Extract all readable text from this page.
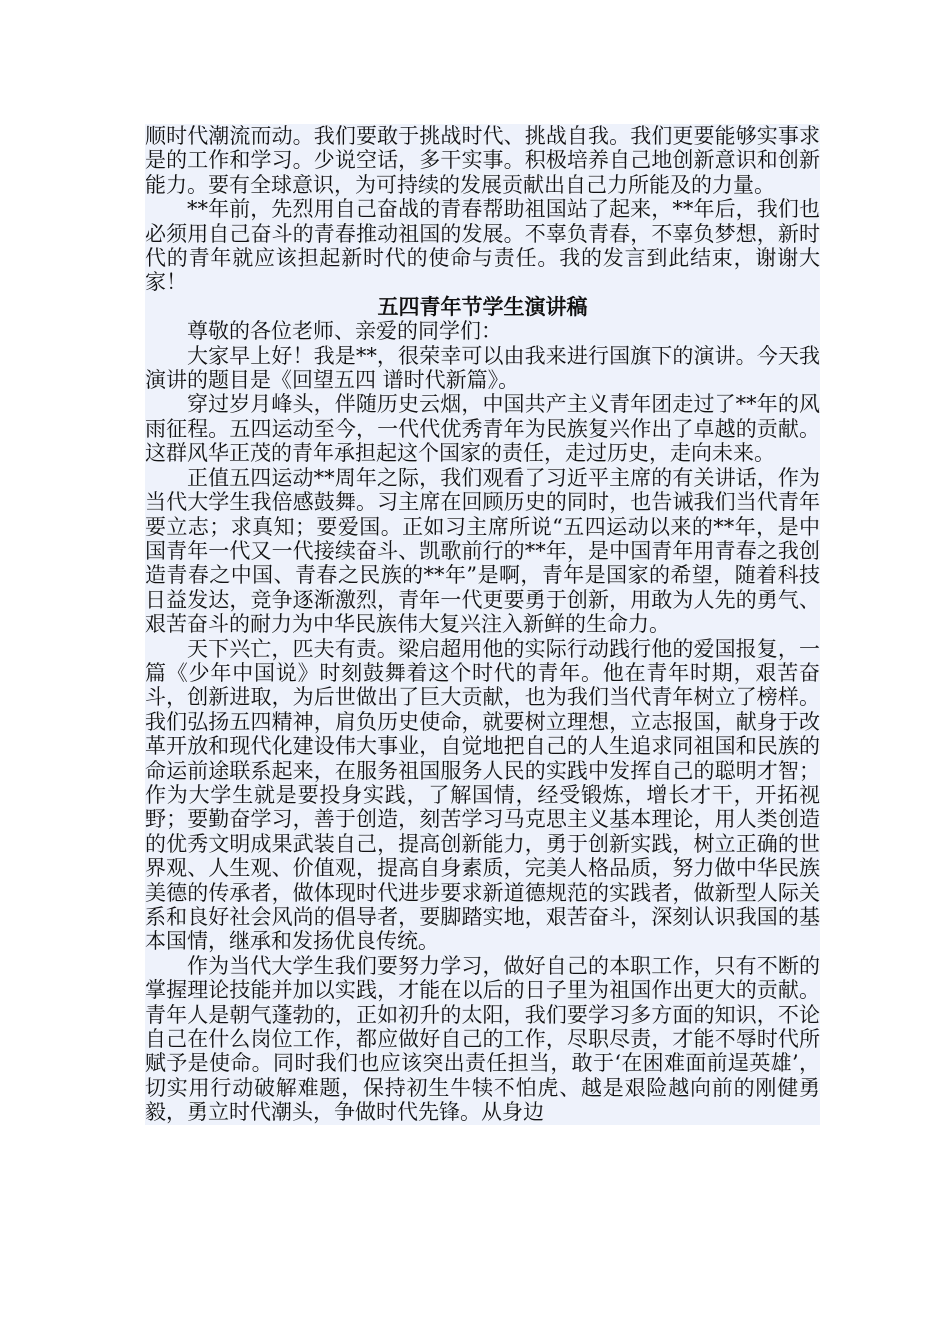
顺时代潮流而动。我们要敢于挑战时代、挑战自我。我们更要能够实事求是的工作和学习。少说空话，多干实事。积极培养自己地创新意识和创新能力。要有全球意识，为可持续的发展贡献出自己力所能及的力量。

**年前，先烈用自己奋战的青春帮助祖国站了起来，**年后，我们也必须用自己奋斗的青春推动祖国的发展。不辜负青春，不辜负梦想，新时代的青年就应该担起新时代的使命与责任。我的发言到此结束，谢谢大家！

五四青年节学生演讲稿

尊敬的各位老师、亲爱的同学们：

大家早上好！我是**，很荣幸可以由我来进行国旗下的演讲。今天我演讲的题目是《回望五四 谱时代新篇》。

穿过岁月峰头，伴随历史云烟，中国共产主义青年团走过了**年的风雨征程。五四运动至今，一代代优秀青年为民族复兴作出了卓越的贡献。这群风华正茂的青年承担起这个国家的责任，走过历史，走向未来。

正值五四运动**周年之际，我们观看了习近平主席的有关讲话，作为当代大学生我倍感鼓舞。习主席在回顾历史的同时，也告诫我们当代青年要立志；求真知；要爱国。正如习主席所说“五四运动以来的**年，是中国青年一代又一代接续奋斗、凯歌前行的**年，是中国青年用青春之我创造青春之中国、青春之民族的**年”是啊，青年是国家的希望，随着科技日益发达，竞争逐渐激烈，青年一代更要勇于创新，用敢为人先的勇气、艰苦奋斗的耐力为中华民族伟大复兴注入新鲜的生命力。

天下兴亡，匹夫有责。梁启超用他的实际行动践行他的爱国报复，一篇《少年中国说》时刻鼓舞着这个时代的青年。他在青年时期，艰苦奋斗，创新进取，为后世做出了巨大贡献，也为我们当代青年树立了榜样。我们弘扬五四精神，肩负历史使命，就要树立理想，立志报国，献身于改革开放和现代化建设伟大事业，自觉地把自己的人生追求同祖国和民族的命运前途联系起来，在服务祖国服务人民的实践中发挥自己的聪明才智；作为大学生就是要投身实践，了解国情，经受锻炼，增长才干，开拓视野；要勤奋学习，善于创造，刻苦学习马克思主义基本理论，用人类创造的优秀文明成果武装自己，提高创新能力，勇于创新实践，树立正确的世界观、人生观、价值观，提高自身素质，完美人格品质，努力做中华民族美德的传承者，做体现时代进步要求新道德规范的实践者，做新型人际关系和良好社会风尚的倡导者，要脚踏实地，艰苦奋斗，深刻认识我国的基本国情，继承和发扬优良传统。

作为当代大学生我们要努力学习，做好自己的本职工作，只有不断的掌握理论技能并加以实践，才能在以后的日子里为祖国作出更大的贡献。青年人是朝气蓬勃的，正如初升的太阳，我们要学习多方面的知识，不论自己在什么岗位工作，都应做好自己的工作，尽职尽责，才能不辱时代所赋予是使命。同时我们也应该突出责任担当，敢于‘在困难面前逞英雄’，切实用行动破解难题，保持初生牛犊不怕虎、越是艰险越向前的刚健勇毅，勇立时代潮头，争做时代先锋。从身边
